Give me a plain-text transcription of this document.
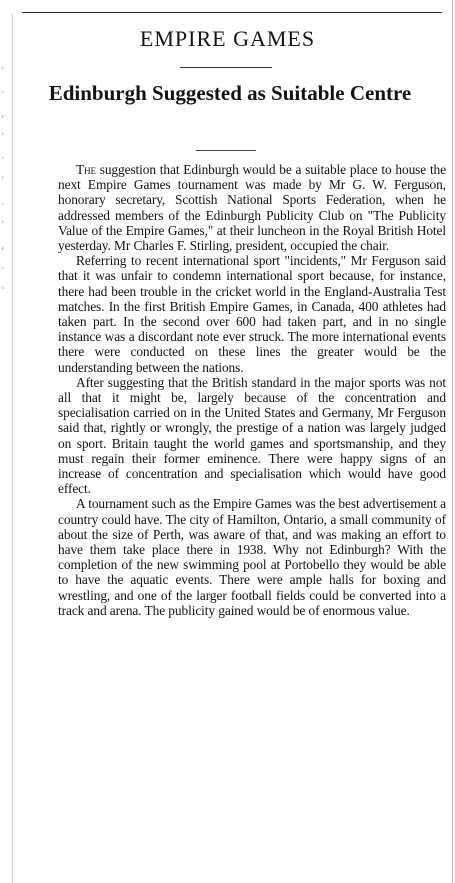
'
·
,
'
·
'
.
'
,
·
'
EMPIRE GAMES
Edinburgh Suggested as Suitable Centre

The suggestion that Edinburgh would be a suitable place to house the next Empire Games tournament was made by Mr G. W. Ferguson, honorary secretary, Scottish National Sports Federation, when he addressed members of the Edinburgh Publicity Club on "The Publicity Value of the Empire Games," at their luncheon in the Royal British Hotel yesterday. Mr Charles F. Stirling, president, occupied the chair.

Referring to recent international sport "incidents," Mr Ferguson said that it was unfair to condemn international sport because, for instance, there had been trouble in the cricket world in the England-Australia Test matches. In the first British Empire Games, in Canada, 400 athletes had taken part. In the second over 600 had taken part, and in no single instance was a discordant note ever struck. The more international events there were conducted on these lines the greater would be the understanding between the nations.

After suggesting that the British standard in the major sports was not all that it might be, largely because of the concentration and specialisation carried on in the United States and Germany, Mr Ferguson said that, rightly or wrongly, the prestige of a nation was largely judged on sport. Britain taught the world games and sportsmanship, and they must regain their former eminence. There were happy signs of an increase of concentration and specialisation which would have good effect.

A tournament such as the Empire Games was the best advertisement a country could have. The city of Hamilton, Ontario, a small community of about the size of Perth, was aware of that, and was making an effort to have them take place there in 1938. Why not Edinburgh? With the completion of the new swimming pool at Portobello they would be able to have the aquatic events. There were ample halls for boxing and wrestling, and one of the larger football fields could be converted into a track and arena. The publicity gained would be of enormous value.
